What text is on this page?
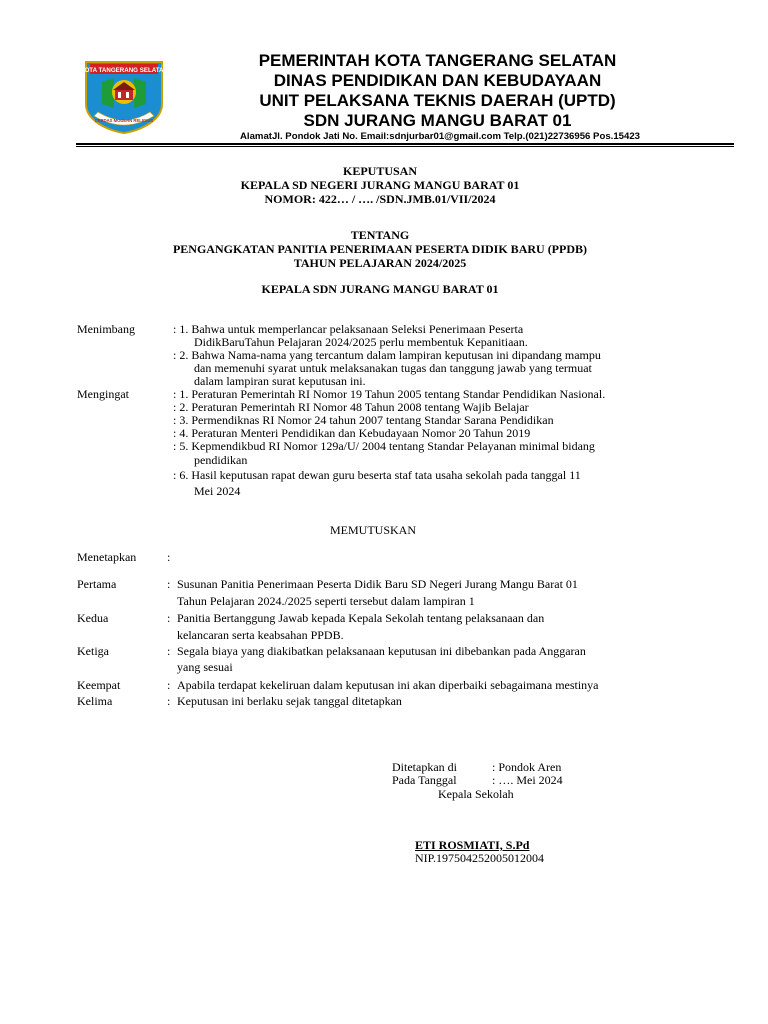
KOTA TANGERANG SELATAN
CERDAS MODERN RELIGIUS
PEMERINTAH KOTA TANGERANG SELATAN
DINAS PENDIDIKAN DAN KEBUDAYAAN
UNIT PELAKSANA TEKNIS DAERAH (UPTD)
SDN JURANG MANGU BARAT 01
AlamatJl. Pondok Jati No. Email:sdnjurbar01@gmail.com Telp.(021)22736956 Pos.15423
KEPUTUSAN
KEPALA SD NEGERI JURANG MANGU BARAT 01
NOMOR: 422… / …. /SDN.JMB.01/VII/2024
TENTANG
PENGANGKATAN PANITIA PENERIMAAN PESERTA DIDIK BARU (PPDB)
TAHUN PELAJARAN 2024/2025
KEPALA SDN JURANG MANGU BARAT 01
Menimbang	: 1. Bahwa untuk memperlancar pelaksanaan Seleksi Penerimaan Peserta
DidikBaruTahun Pelajaran 2024/2025 perlu membentuk Kepanitiaan.
: 2. Bahwa Nama-nama yang tercantum dalam lampiran keputusan ini dipandang mampu
dan memenuhi syarat untuk melaksanakan tugas dan tanggung jawab yang termuat
dalam lampiran surat keputusan ini.
Mengingat	: 1. Peraturan Pemerintah RI Nomor 19 Tahun 2005 tentang Standar Pendidikan Nasional.
: 2. Peraturan Pemerintah RI Nomor 48 Tahun 2008 tentang Wajib Belajar
: 3. Permendiknas RI Nomor 24 tahun 2007 tentang Standar Sarana Pendidikan
: 4. Peraturan Menteri Pendidikan dan Kebudayaan Nomor 20 Tahun 2019
: 5. Kepmendikbud RI Nomor 129a/U/ 2004 tentang Standar Pelayanan minimal bidang
pendidikan
: 6. Hasil keputusan rapat dewan guru beserta staf tata usaha sekolah pada tanggal 11
Mei 2024
MEMUTUSKAN
Menetapkan	:
Pertama	: Susunan Panitia Penerimaan Peserta Didik Baru SD Negeri Jurang Mangu Barat 01
Tahun Pelajaran 2024./2025 seperti tersebut dalam lampiran 1
Kedua	: Panitia Bertanggung Jawab kepada Kepala Sekolah tentang pelaksanaan dan
kelancaran serta keabsahan PPDB.
Ketiga	: Segala biaya yang diakibatkan pelaksanaan keputusan ini dibebankan pada Anggaran
yang sesuai
Keempat	: Apabila terdapat kekeliruan dalam keputusan ini akan diperbaiki sebagaimana mestinya
Kelima	: Keputusan ini berlaku sejak tanggal ditetapkan
Ditetapkan di	: Pondok Aren
Pada Tanggal	: …. Mei 2024
Kepala Sekolah
ETI ROSMIATI, S.Pd
NIP.197504252005012004
